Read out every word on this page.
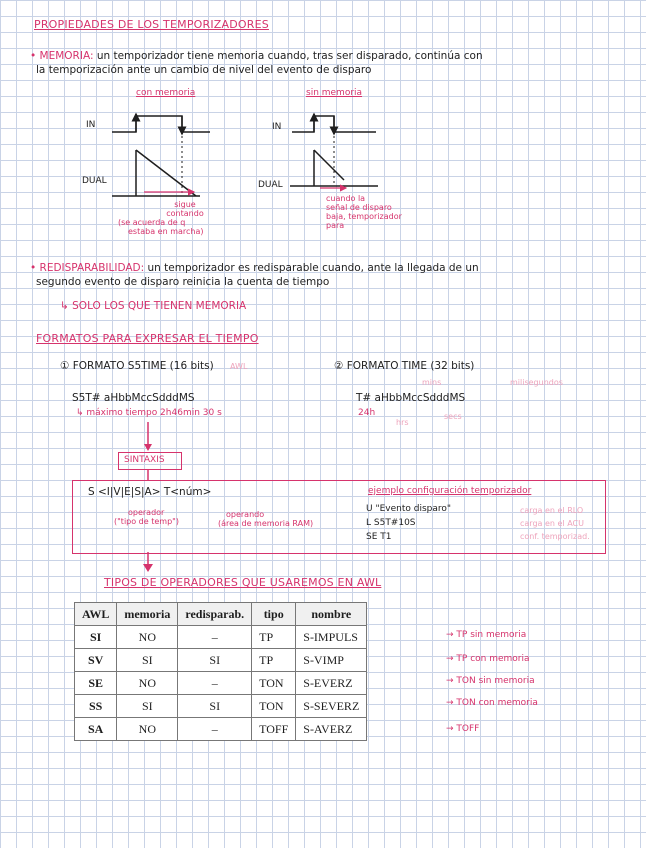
PROPIEDADES DE LOS TEMPORIZADORES
• MEMORIA: un temporizador tiene memoria cuando, tras ser disparado, continúa con
la temporización ante un cambio de nivel del evento de disparo
con memoria	sin memoria
IN
DUAL
IN
DUAL
sigue
contando
(se acuerda de q
estaba en marcha)
cuando la
señal de disparo
baja, temporizador
para
• REDISPARABILIDAD: un temporizador es redisparable cuando, ante la llegada de un
segundo evento de disparo reinicia la cuenta de tiempo
↳ SOLO LOS QUE TIENEN MEMORIA
FORMATOS PARA EXPRESAR EL TIEMPO
① FORMATO S5TIME (16 bits) AWL
S5T# aHbbMccSdddMS
↳ máximo tiempo 2h46min 30 s
② FORMATO TIME (32 bits)
mins	milisegundos
T# aHbbMccSdddMS
24h
hrs
secs
SINTAXIS
S <I|V|E|S|A> T<núm>
operador
("tipo de temp")
operando
(área de memoria RAM)
ejemplo configuración temporizador
U "Evento disparo"
L S5T#10S
SE T1
carga en el RLO
carga en el ACU
conf. temporizad.
TIPOS DE OPERADORES QUE USAREMOS EN AWL
AWL	memoria	redisparab.	tipo	nombre
SI	NO	–	TP	S-IMPULS
SV	SI	SI	TP	S-VIMP
SE	NO	–	TON	S-EVERZ
SS	SI	SI	TON	S-SEVERZ
SA	NO	–	TOFF	S-AVERZ
→ TP sin memoria
→ TP con memoria
→ TON sin memoria
→ TON con memoria
→ TOFF
